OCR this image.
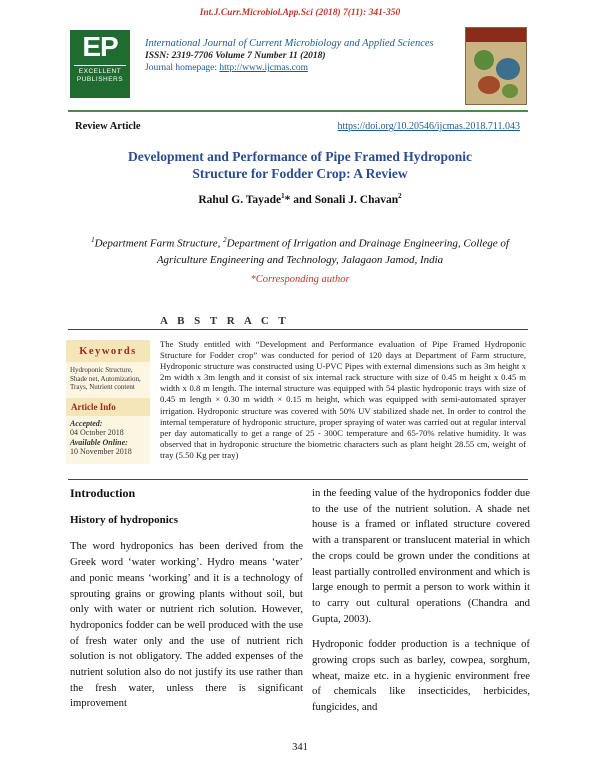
Int.J.Curr.Microbiol.App.Sci (2018) 7(11): 341-350
EP
EXCELLENT
PUBLISHERS
International Journal of Current Microbiology and Applied Sciences
ISSN: 2319-7706 Volume 7 Number 11 (2018)
Journal homepage: http://www.ijcmas.com
Review Article	https://doi.org/10.20546/ijcmas.2018.711.043
Development and Performance of Pipe Framed Hydroponic
Structure for Fodder Crop: A Review
Rahul G. Tayade$^1$* and Sonali J. Chavan$^2$
$^1$Department Farm Structure, $^2$Department of Irrigation and Drainage Engineering, College of Agriculture Engineering and Technology, Jalagaon Jamod, India
*Corresponding author
A B S T R A C T
Keywords
Hydroponic Structure, Shade net, Automization, Trays, Nutrient content
Article Info
Accepted:
04 October 2018
Available Online:
10 November 2018
The Study entitled with “Development and Performance evaluation of Pipe Framed Hydroponic Structure for Fodder crop” was conducted for period of 120 days at Department of Farm structure, Hydroponic structure was constructed using U-PVC Pipes with external dimensions such as 3m height x 2m width x 3m length and it consist of six internal rack structure with size of 0.45 m height x 0.45 m width x 0.8 m length. The internal structure was equipped with 54 plastic hydroponic trays with size of 0.45 m length × 0.30 m width × 0.15 m height, which was equipped with semi-automated sprayer irrigation. Hydroponic structure was covered with 50% UV stabilized shade net. In order to control the internal temperature of hydroponic structure, proper spraying of water was carried out at regular interval per day automatically to get a range of 25 - 300C temperature and 65-70% relative humidity. It was observed that in hydroponic structure the biometric characters such as plant height 28.55 cm, weight of tray (5.50 Kg per tray)
Introduction
History of hydroponics

The word hydroponics has been derived from the Greek word ‘water working’. Hydro means ‘water’ and ponic means ‘working’ and it is a technology of sprouting grains or growing plants without soil, but only with water or nutrient rich solution. However, hydroponics fodder can be well produced with the use of fresh water only and the use of nutrient rich solution is not obligatory. The added expenses of the nutrient solution also do not justify its use rather than the fresh water, unless there is significant improvement

in the feeding value of the hydroponics fodder due to the use of the nutrient solution. A shade net house is a framed or inflated structure covered with a transparent or translucent material in which the crops could be grown under the conditions at least partially controlled environment and which is large enough to permit a person to work within it to carry out cultural operations (Chandra and Gupta, 2003).

Hydroponic fodder production is a technique of growing crops such as barley, cowpea, sorghum, wheat, maize etc. in a hygienic environment free of chemicals like insecticides, herbicides, fungicides, and

341
